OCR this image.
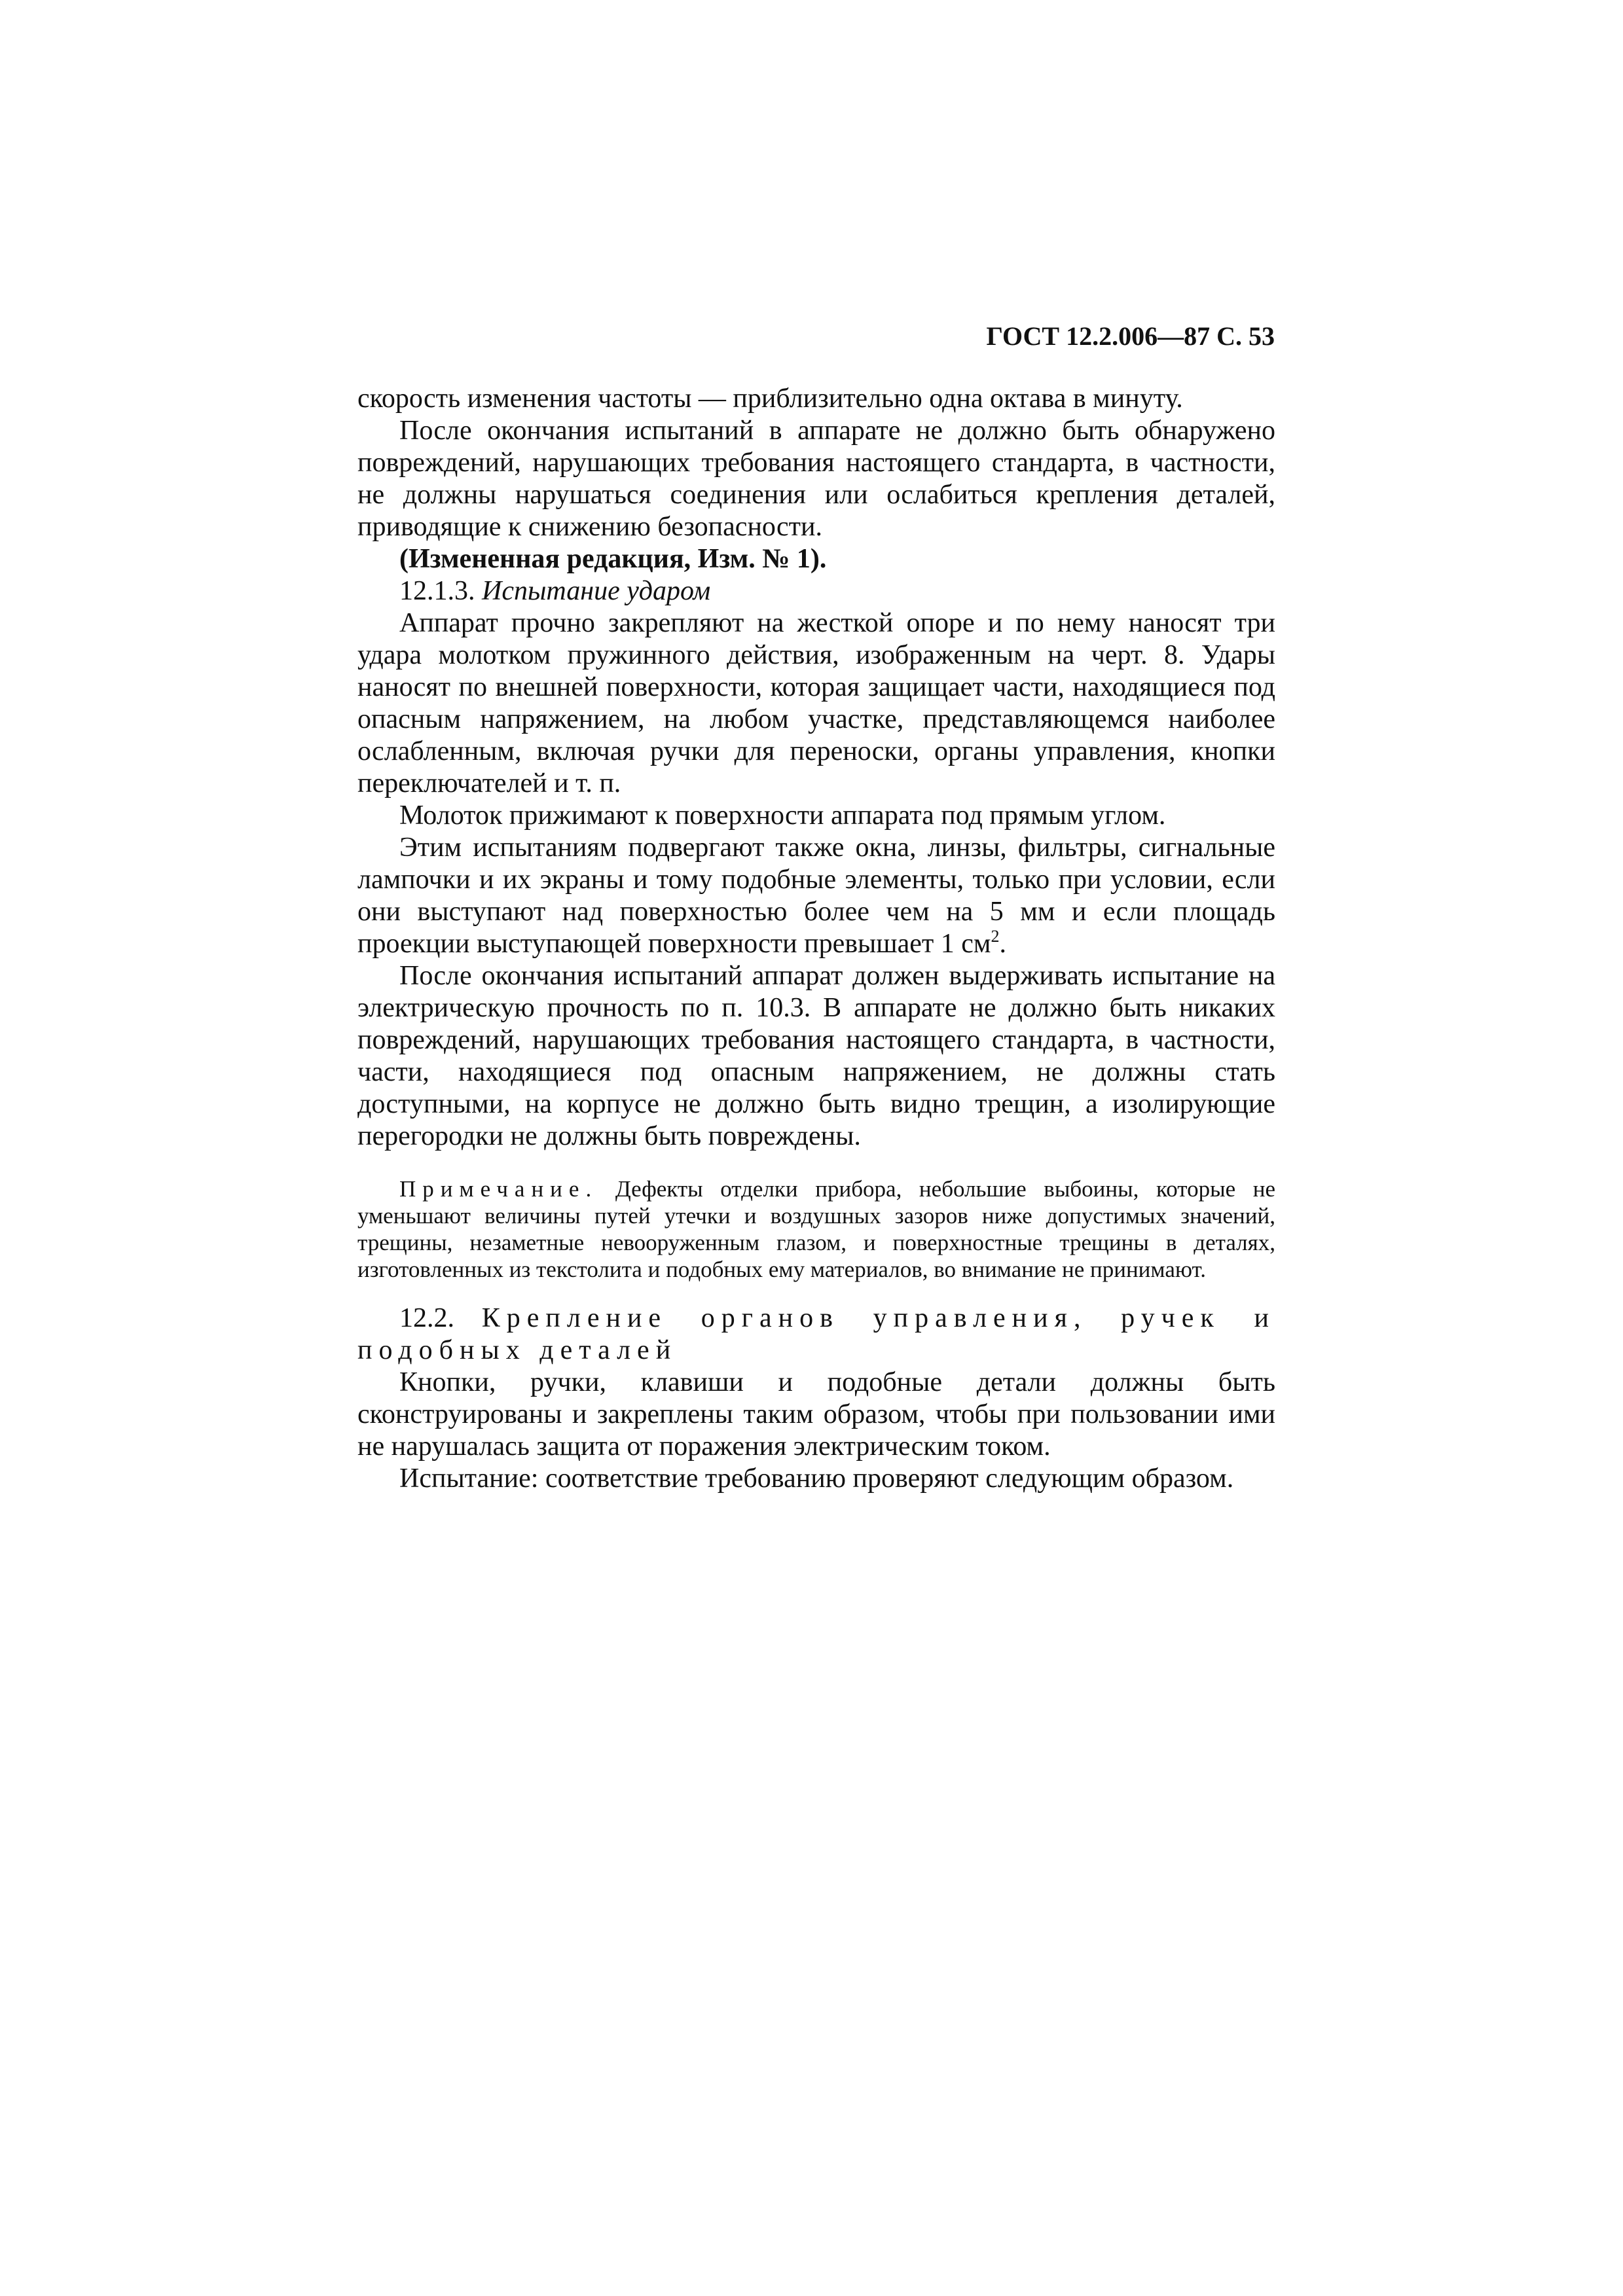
ГОСТ 12.2.006—87 С. 53

скорость изменения частоты — приблизительно одна октава в минуту.

После окончания испытаний в аппарате не должно быть обнаружено повреждений, нарушающих требования настоящего стандарта, в частности, не должны нарушаться соединения или ослабиться крепления деталей, приводящие к снижению безопасности.

(Измененная редакция, Изм. № 1).

12.1.3. Испытание ударом

Аппарат прочно закрепляют на жесткой опоре и по нему наносят три удара молотком пружинного действия, изображенным на черт. 8. Удары наносят по внешней поверхности, которая защищает части, находящиеся под опасным напряжением, на любом участке, представляющемся наиболее ослабленным, включая ручки для переноски, органы управления, кнопки переключателей и т. п.

Молоток прижимают к поверхности аппарата под прямым углом.

Этим испытаниям подвергают также окна, линзы, фильтры, сигнальные лампочки и их экраны и тому подобные элементы, только при условии, если они выступают над поверхностью более чем на 5 мм и если площадь проекции выступающей поверхности превышает 1 $см^2$.

После окончания испытаний аппарат должен выдерживать испытание на электрическую прочность по п. 10.3. В аппарате не должно быть никаких повреждений, нарушающих требования настоящего стандарта, в частности, части, находящиеся под опасным напряжением, не должны стать доступными, на корпусе не должно быть видно трещин, а изолирующие перегородки не должны быть повреждены.

Примечание. Дефекты отделки прибора, небольшие выбоины, которые не уменьшают величины путей утечки и воздушных зазоров ниже допустимых значений, трещины, незаметные невооруженным глазом, и поверхностные трещины в деталях, изготовленных из текстолита и подобных ему материалов, во внимание не принимают.

12.2. Крепление органов управления, ручек и подобных деталей

Кнопки, ручки, клавиши и подобные детали должны быть сконструированы и закреплены таким образом, чтобы при пользовании ими не нарушалась защита от поражения электрическим током.

Испытание: соответствие требованию проверяют следующим образом.
